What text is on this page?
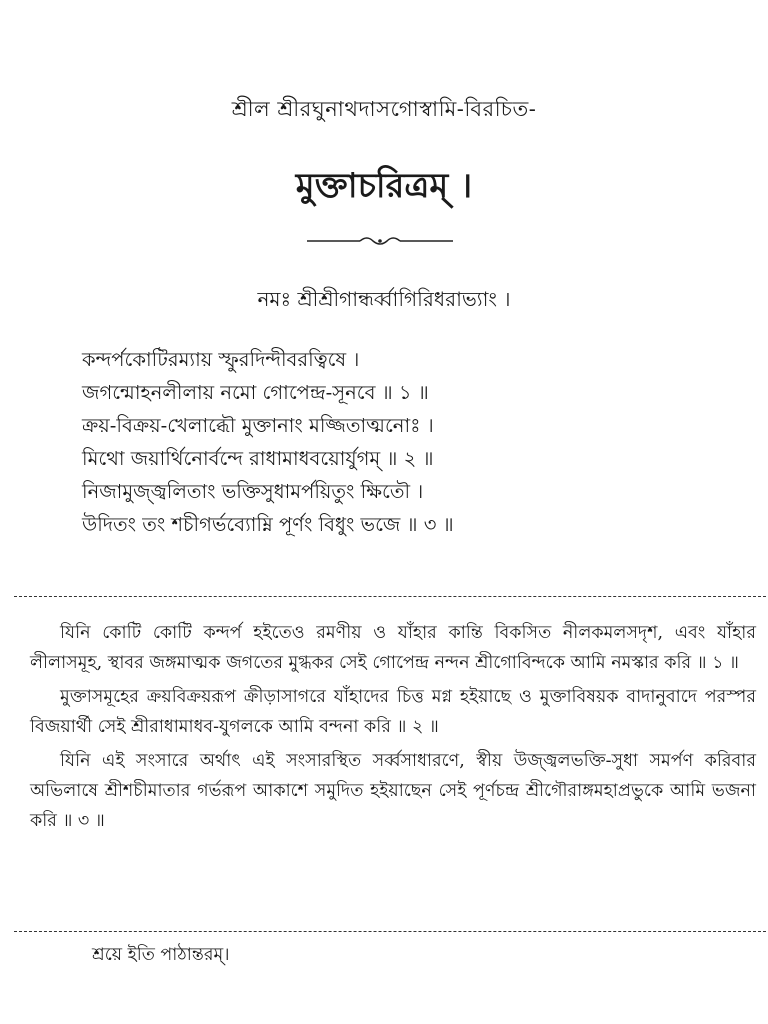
শ্রীল শ্রীরঘুনাথদাসগোস্বামি-বিরচিত-
মুক্তাচরিত্রম্ ।
নমঃ শ্রীশ্রীগান্ধর্ব্বাগিরিধরাভ্যাং ।
কন্দর্পকোটিরম্যায় স্ফুরদিন্দীবরত্বিষে ।
জগন্মোহনলীলায় নমো গোপেন্দ্র-সূনবে ॥ ১ ॥
ক্রয়-বিক্রয়-খেলাব্ধৌ মুক্তানাং মজ্জিতাত্মনোঃ ।
মিথো জয়ার্থিনোর্বন্দে রাধামাধবয়োর্যুগম্ ॥ ২ ॥
নিজামুজ্জ্বলিতাং ভক্তিসুধামর্পয়িতুং ক্ষিতৌ ।
উদিতং তং শচীগর্ভব্যোম্নি পূর্ণং বিধুং ভজে ॥ ৩ ॥

যিনি কোটি কোটি কন্দর্প হইতেও রমণীয় ও যাঁহার কান্তি বিকসিত নীলকমলসদৃশ, এবং যাঁহার লীলাসমূহ, স্থাবর জঙ্গমাত্মক জগতের মুগ্ধকর সেই গোপেন্দ্র নন্দন শ্রীগোবিন্দকে আমি নমস্কার করি ॥ ১ ॥

মুক্তাসমূহের ক্রয়বিক্রয়রূপ ক্রীড়াসাগরে যাঁহাদের চিত্ত মগ্ন হইয়াছে ও মুক্তাবিষয়ক বাদানুবাদে পরস্পর বিজয়ার্থী সেই শ্রীরাধামাধব-যুগলকে আমি বন্দনা করি ॥ ২ ॥

যিনি এই সংসারে অর্থাৎ এই সংসারস্থিত সর্ব্বসাধারণে, স্বীয় উজ্জ্বলভক্তি-সুধা সমর্পণ করিবার অভিলাষে শ্রীশচীমাতার গর্ভরূপ আকাশে সমুদিত হইয়াছেন সেই পূর্ণচন্দ্র শ্রীগৌরাঙ্গমহাপ্রভুকে আমি ভজনা করি ॥ ৩ ॥

শ্রয়ে ইতি পাঠান্তরম্।
